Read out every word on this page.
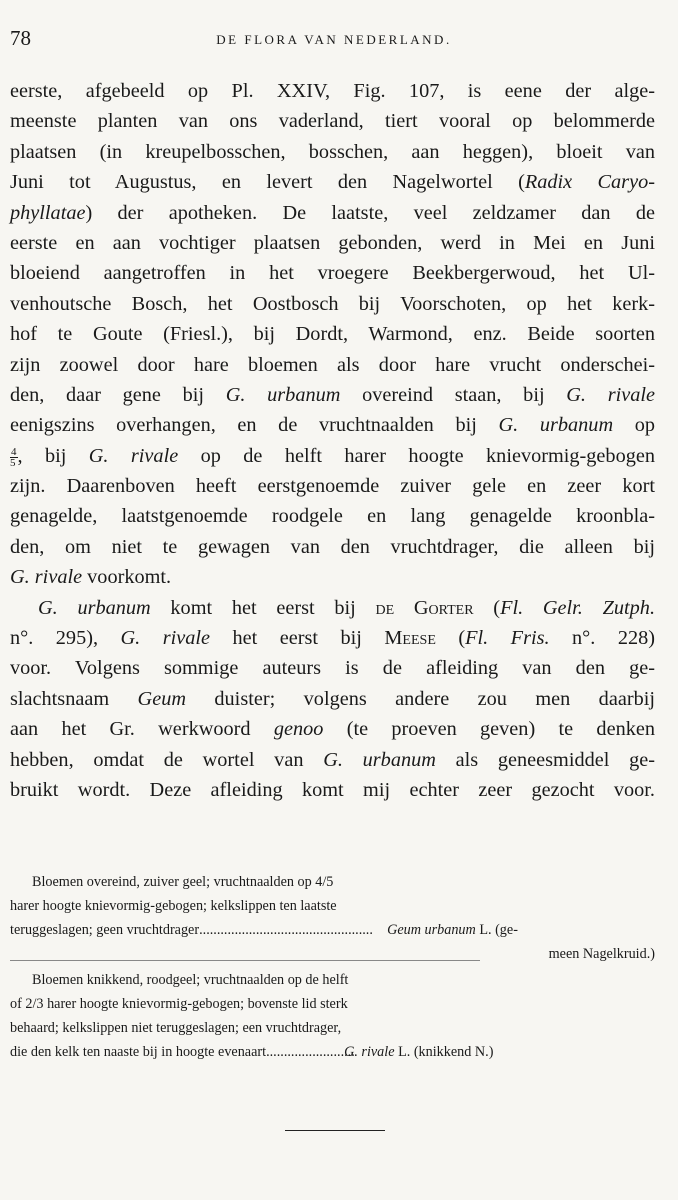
78	DE FLORA VAN NEDERLAND.
eerste, afgebeeld op Pl. XXIV, Fig. 107, is eene der alge-
meenste planten van ons vaderland, tiert vooral op belommerde
plaatsen (in kreupelbosschen, bosschen, aan heggen), bloeit van
Juni tot Augustus, en levert den Nagelwortel (Radix Caryo-
phyllatae) der apotheken. De laatste, veel zeldzamer dan de
eerste en aan vochtiger plaatsen gebonden, werd in Mei en Juni
bloeiend aangetroffen in het vroegere Beekbergerwoud, het Ul-
venhoutsche Bosch, het Oostbosch bij Voorschoten, op het kerk-
hof te Goute (Friesl.), bij Dordt, Warmond, enz. Beide soorten
zijn zoowel door hare bloemen als door hare vrucht onderschei-
den, daar gene bij G. urbanum overeind staan, bij G. rivale
eenigszins overhangen, en de vruchtnaalden bij G. urbanum op
$\frac{4}{5}$ , bij G. rivale op de helft harer hoogte knievormig-gebogen
zijn. Daarenboven heeft eerstgenoemde zuiver gele en zeer kort
genagelde, laatstgenoemde roodgele en lang genagelde kroonbla-
den, om niet te gewagen van den vruchtdrager, die alleen bij
G. rivale voorkomt.
G. urbanum komt het eerst bij de Gorter (Fl. Gelr. Zutph.
n°. 295), G. rivale het eerst bij Meese (Fl. Fris. n°. 228)
voor. Volgens sommige auteurs is de afleiding van den ge-
slachtsnaam Geum duister; volgens andere zou men daarbij
aan het Gr. werkwoord genoo (te proeven geven) te denken
hebben, omdat de wortel van G. urbanum als geneesmiddel ge-
bruikt wordt. Deze afleiding komt mij echter zeer gezocht voor.
Bloemen overeind, zuiver geel; vruchtnaalden op 4/5
harer hoogte knievormig-gebogen; kelkslippen ten laatste
teruggeslagen; geen vruchtdrager................................................. Geum urbanum L. (ge-
meen Nagelkruid.)
Bloemen knikkend, roodgeel; vruchtnaalden op de helft
of 2/3 harer hoogte knievormig-gebogen; bovenste lid sterk
behaard; kelkslippen niet teruggeslagen; een vruchtdrager,
die den kelk ten naaste bij in hoogte evenaart.........................G. rivale L. (knikkend N.)
